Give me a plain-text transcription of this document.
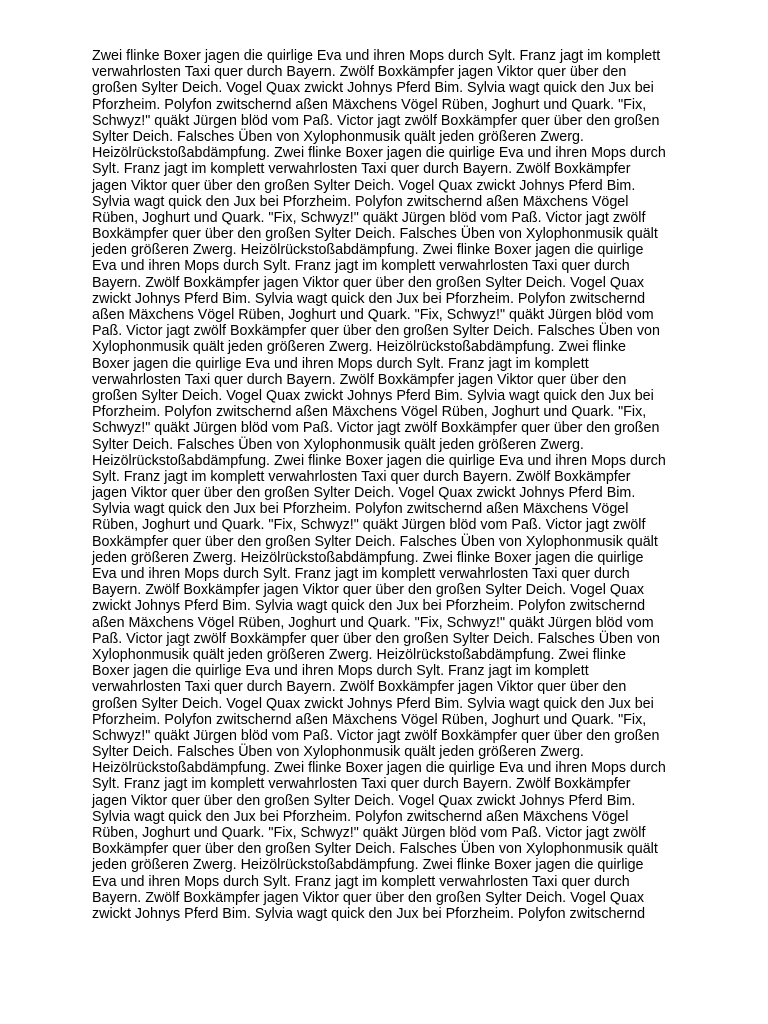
Zwei flinke Boxer jagen die quirlige Eva und ihren Mops durch Sylt. Franz jagt im komplett
verwahrlosten Taxi quer durch Bayern. Zwölf Boxkämpfer jagen Viktor quer über den
großen Sylter Deich. Vogel Quax zwickt Johnys Pferd Bim. Sylvia wagt quick den Jux bei
Pforzheim. Polyfon zwitschernd aßen Mäxchens Vögel Rüben, Joghurt und Quark. "Fix,
Schwyz!" quäkt Jürgen blöd vom Paß. Victor jagt zwölf Boxkämpfer quer über den großen
Sylter Deich. Falsches Üben von Xylophonmusik quält jeden größeren Zwerg.
Heizölrückstoßabdämpfung. Zwei flinke Boxer jagen die quirlige Eva und ihren Mops durch
Sylt. Franz jagt im komplett verwahrlosten Taxi quer durch Bayern. Zwölf Boxkämpfer
jagen Viktor quer über den großen Sylter Deich. Vogel Quax zwickt Johnys Pferd Bim.
Sylvia wagt quick den Jux bei Pforzheim. Polyfon zwitschernd aßen Mäxchens Vögel
Rüben, Joghurt und Quark. "Fix, Schwyz!" quäkt Jürgen blöd vom Paß. Victor jagt zwölf
Boxkämpfer quer über den großen Sylter Deich. Falsches Üben von Xylophonmusik quält
jeden größeren Zwerg. Heizölrückstoßabdämpfung. Zwei flinke Boxer jagen die quirlige
Eva und ihren Mops durch Sylt. Franz jagt im komplett verwahrlosten Taxi quer durch
Bayern. Zwölf Boxkämpfer jagen Viktor quer über den großen Sylter Deich. Vogel Quax
zwickt Johnys Pferd Bim. Sylvia wagt quick den Jux bei Pforzheim. Polyfon zwitschernd
aßen Mäxchens Vögel Rüben, Joghurt und Quark. "Fix, Schwyz!" quäkt Jürgen blöd vom
Paß. Victor jagt zwölf Boxkämpfer quer über den großen Sylter Deich. Falsches Üben von
Xylophonmusik quält jeden größeren Zwerg. Heizölrückstoßabdämpfung. Zwei flinke
Boxer jagen die quirlige Eva und ihren Mops durch Sylt. Franz jagt im komplett
verwahrlosten Taxi quer durch Bayern. Zwölf Boxkämpfer jagen Viktor quer über den
großen Sylter Deich. Vogel Quax zwickt Johnys Pferd Bim. Sylvia wagt quick den Jux bei
Pforzheim. Polyfon zwitschernd aßen Mäxchens Vögel Rüben, Joghurt und Quark. "Fix,
Schwyz!" quäkt Jürgen blöd vom Paß. Victor jagt zwölf Boxkämpfer quer über den großen
Sylter Deich. Falsches Üben von Xylophonmusik quält jeden größeren Zwerg.
Heizölrückstoßabdämpfung. Zwei flinke Boxer jagen die quirlige Eva und ihren Mops durch
Sylt. Franz jagt im komplett verwahrlosten Taxi quer durch Bayern. Zwölf Boxkämpfer
jagen Viktor quer über den großen Sylter Deich. Vogel Quax zwickt Johnys Pferd Bim.
Sylvia wagt quick den Jux bei Pforzheim. Polyfon zwitschernd aßen Mäxchens Vögel
Rüben, Joghurt und Quark. "Fix, Schwyz!" quäkt Jürgen blöd vom Paß. Victor jagt zwölf
Boxkämpfer quer über den großen Sylter Deich. Falsches Üben von Xylophonmusik quält
jeden größeren Zwerg. Heizölrückstoßabdämpfung. Zwei flinke Boxer jagen die quirlige
Eva und ihren Mops durch Sylt. Franz jagt im komplett verwahrlosten Taxi quer durch
Bayern. Zwölf Boxkämpfer jagen Viktor quer über den großen Sylter Deich. Vogel Quax
zwickt Johnys Pferd Bim. Sylvia wagt quick den Jux bei Pforzheim. Polyfon zwitschernd
aßen Mäxchens Vögel Rüben, Joghurt und Quark. "Fix, Schwyz!" quäkt Jürgen blöd vom
Paß. Victor jagt zwölf Boxkämpfer quer über den großen Sylter Deich. Falsches Üben von
Xylophonmusik quält jeden größeren Zwerg. Heizölrückstoßabdämpfung. Zwei flinke
Boxer jagen die quirlige Eva und ihren Mops durch Sylt. Franz jagt im komplett
verwahrlosten Taxi quer durch Bayern. Zwölf Boxkämpfer jagen Viktor quer über den
großen Sylter Deich. Vogel Quax zwickt Johnys Pferd Bim. Sylvia wagt quick den Jux bei
Pforzheim. Polyfon zwitschernd aßen Mäxchens Vögel Rüben, Joghurt und Quark. "Fix,
Schwyz!" quäkt Jürgen blöd vom Paß. Victor jagt zwölf Boxkämpfer quer über den großen
Sylter Deich. Falsches Üben von Xylophonmusik quält jeden größeren Zwerg.
Heizölrückstoßabdämpfung. Zwei flinke Boxer jagen die quirlige Eva und ihren Mops durch
Sylt. Franz jagt im komplett verwahrlosten Taxi quer durch Bayern. Zwölf Boxkämpfer
jagen Viktor quer über den großen Sylter Deich. Vogel Quax zwickt Johnys Pferd Bim.
Sylvia wagt quick den Jux bei Pforzheim. Polyfon zwitschernd aßen Mäxchens Vögel
Rüben, Joghurt und Quark. "Fix, Schwyz!" quäkt Jürgen blöd vom Paß. Victor jagt zwölf
Boxkämpfer quer über den großen Sylter Deich. Falsches Üben von Xylophonmusik quält
jeden größeren Zwerg. Heizölrückstoßabdämpfung. Zwei flinke Boxer jagen die quirlige
Eva und ihren Mops durch Sylt. Franz jagt im komplett verwahrlosten Taxi quer durch
Bayern. Zwölf Boxkämpfer jagen Viktor quer über den großen Sylter Deich. Vogel Quax
zwickt Johnys Pferd Bim. Sylvia wagt quick den Jux bei Pforzheim. Polyfon zwitschernd
